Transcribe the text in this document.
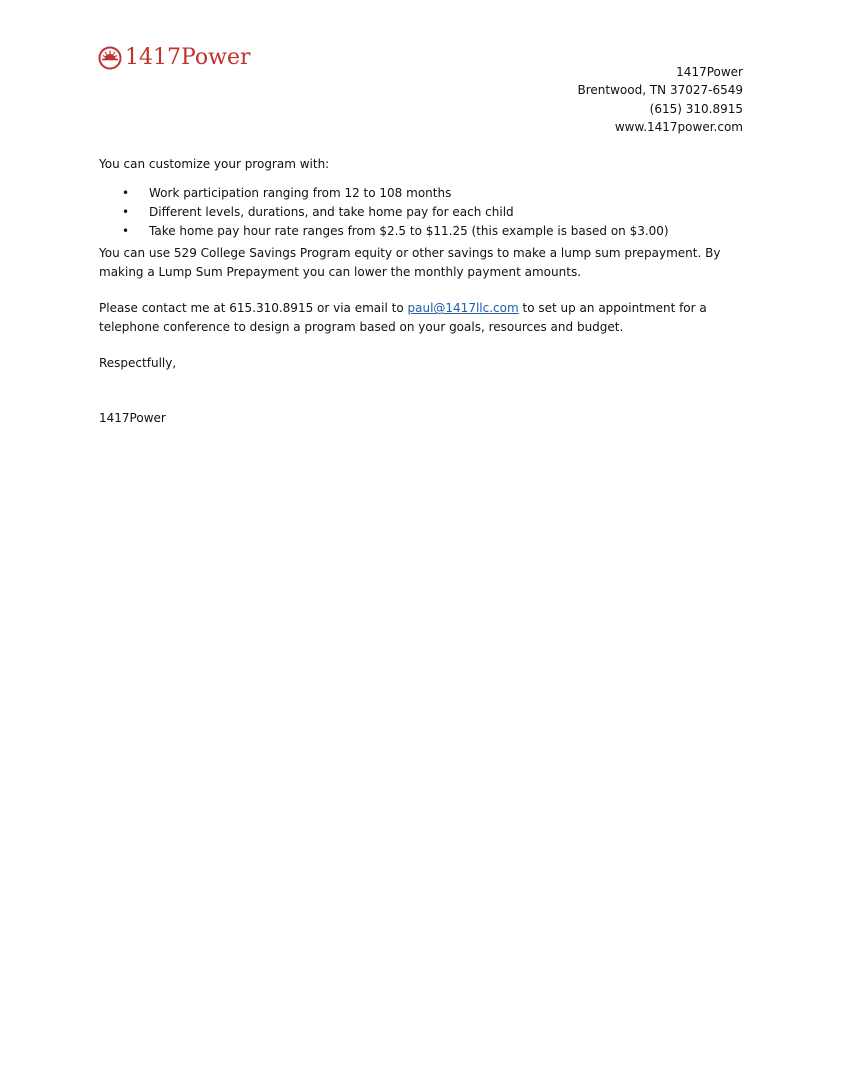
1417Power
1417Power
Brentwood, TN 37027-6549
(615) 310.8915
www.1417power.com

You can customize your program with:

• Work participation ranging from 12 to 108 months
• Different levels, durations, and take home pay for each child
• Take home pay hour rate ranges from $2.5 to $11.25 (this example is based on $3.00)

You can use 529 College Savings Program equity or other savings to make a lump sum prepayment. By making a Lump Sum Prepayment you can lower the monthly payment amounts.

Please contact me at 615.310.8915 or via email to paul@1417llc.com to set up an appointment for a telephone conference to design a program based on your goals, resources and budget.

Respectfully,

1417Power
